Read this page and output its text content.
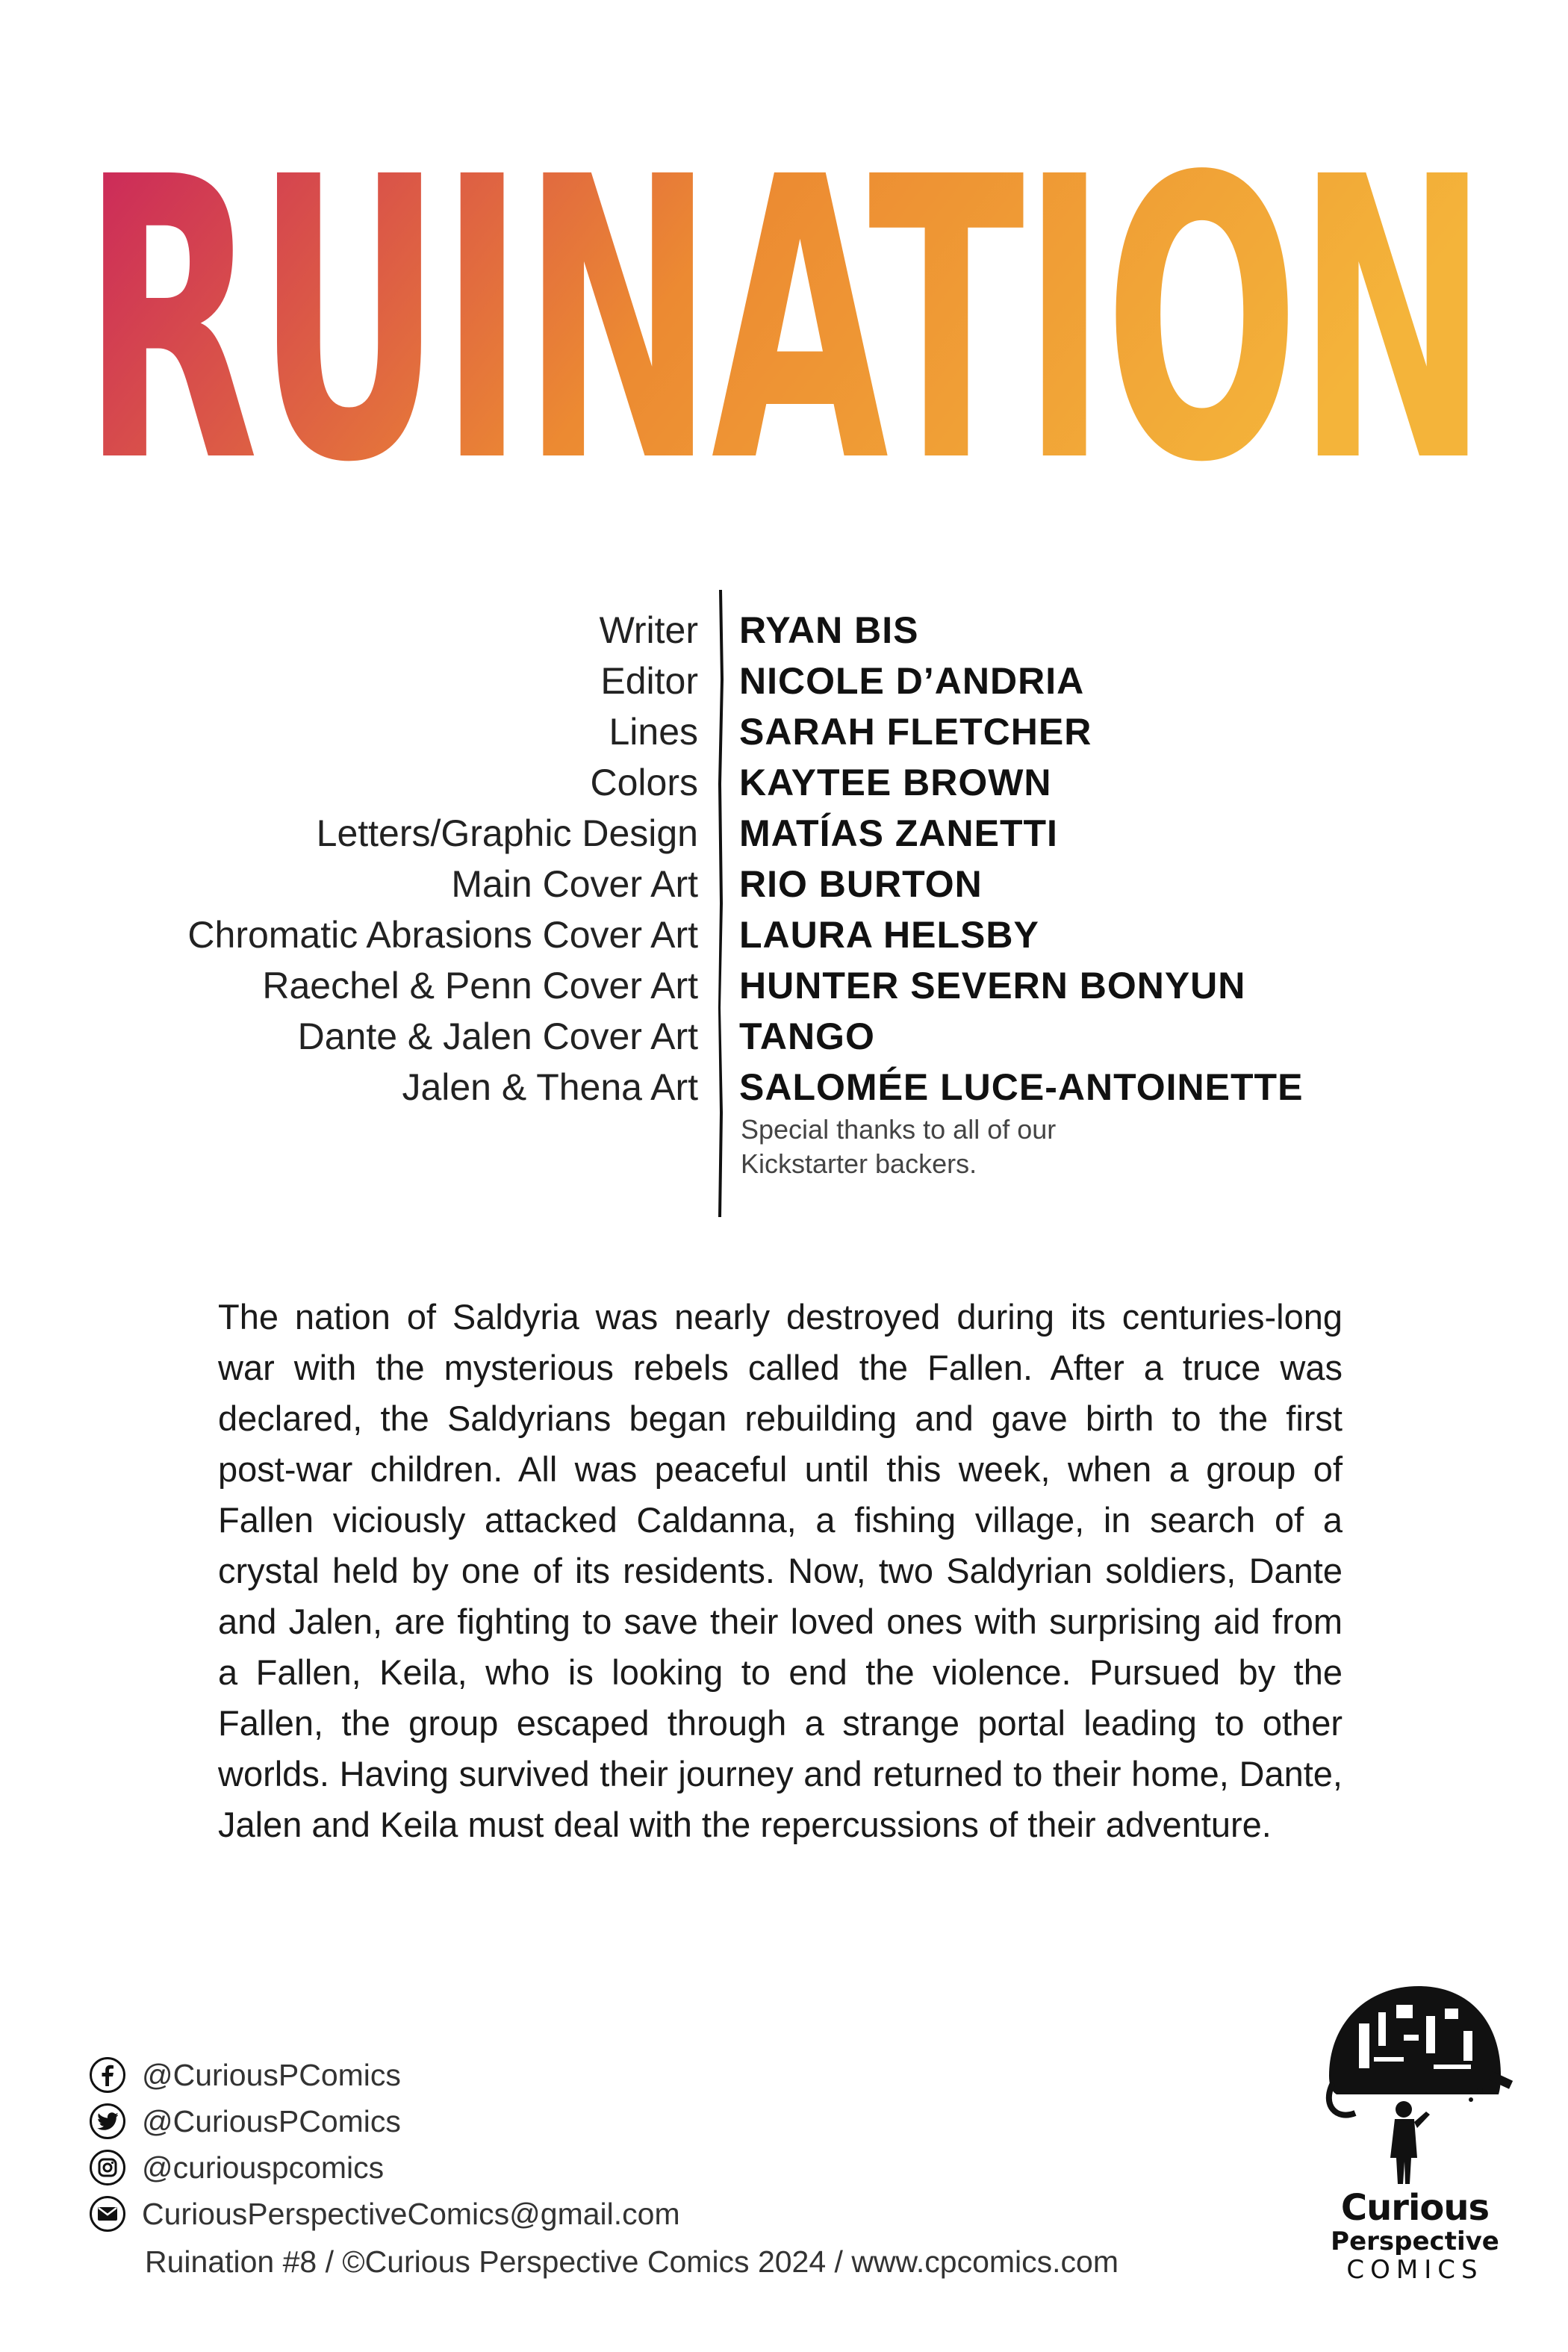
RUINATION
Writer
Editor
Lines
Colors
Letters/Graphic Design
Main Cover Art
Chromatic Abrasions Cover Art
Raechel & Penn Cover Art
Dante & Jalen Cover Art
Jalen & Thena Art
RYAN BIS
NICOLE D’ANDRIA
SARAH FLETCHER
KAYTEE BROWN
MATÍAS ZANETTI
RIO BURTON
LAURA HELSBY
HUNTER SEVERN BONYUN
TANGO
SALOMÉE LUCE-ANTOINETTE
Special thanks to all of our
Kickstarter backers.
The nation of Saldyria was nearly destroyed during its centuries-long war with the mysterious rebels called the Fallen. After a truce was declared, the Saldyrians began rebuilding and gave birth to the first post-war children. All was peaceful until this week, when a group of Fallen viciously attacked Caldanna, a fishing village, in search of a crystal held by one of its residents. Now, two Saldyrian soldiers, Dante and Jalen, are fighting to save their loved ones with surprising aid from a Fallen, Keila, who is looking to end the violence. Pursued by the Fallen, the group escaped through a strange portal leading to other worlds. Having survived their journey and returned to their home, Dante, Jalen and Keila must deal with the repercussions of their adventure.
@CuriousPComics
@CuriousPComics
@curiouspcomics
CuriousPerspectiveComics@gmail.com
Ruination #8 / ©Curious Perspective Comics 2024 / www.cpcomics.com
Curious
Perspective
COMICS
